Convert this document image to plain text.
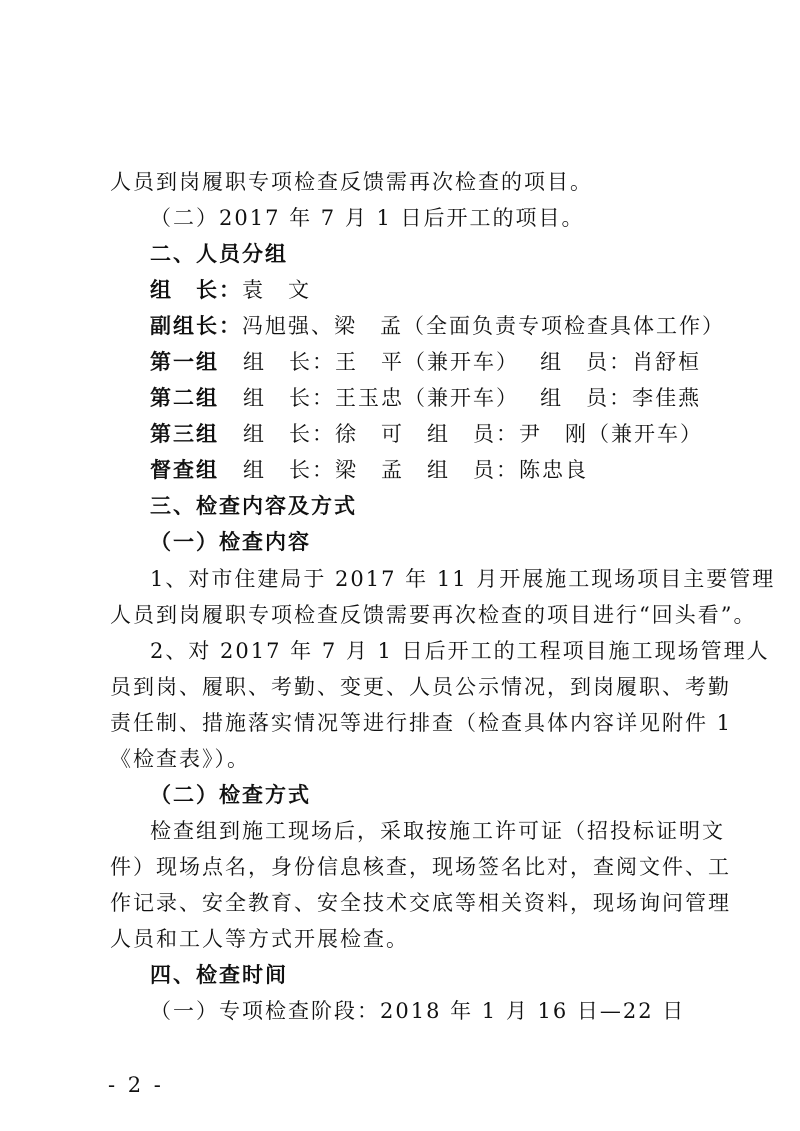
人员到岗履职专项检查反馈需再次检查的项目。
（二）2017 年 7 月 1 日后开工的项目。
二、人员分组
组　长：袁　文
副组长：冯旭强、梁　孟（全面负责专项检查具体工作）
第一组 组　长：王　平（兼开车）　 组　员：肖舒桓
第二组 组　长：王玉忠（兼开车）　 组　员：李佳燕
第三组 组　长：徐　可　组　员：尹　刚（兼开车）
督查组 组　长：梁　孟　组　员：陈忠良
三、检查内容及方式
（一）检查内容
1、对市住建局于 2017 年 11 月开展施工现场项目主要管理
人员到岗履职专项检查反馈需要再次检查的项目进行“回头看”。
2、对 2017 年 7 月 1 日后开工的工程项目施工现场管理人
员到岗、履职、考勤、变更、人员公示情况，到岗履职、考勤
责任制、措施落实情况等进行排查（检查具体内容详见附件 1
《检查表》）。
（二）检查方式
检查组到施工现场后，采取按施工许可证（招投标证明文
件）现场点名，身份信息核查，现场签名比对，查阅文件、工
作记录、安全教育、安全技术交底等相关资料，现场询问管理
人员和工人等方式开展检查。
四、检查时间
（一）专项检查阶段：2018 年 1 月 16 日—22 日
- 2 -
